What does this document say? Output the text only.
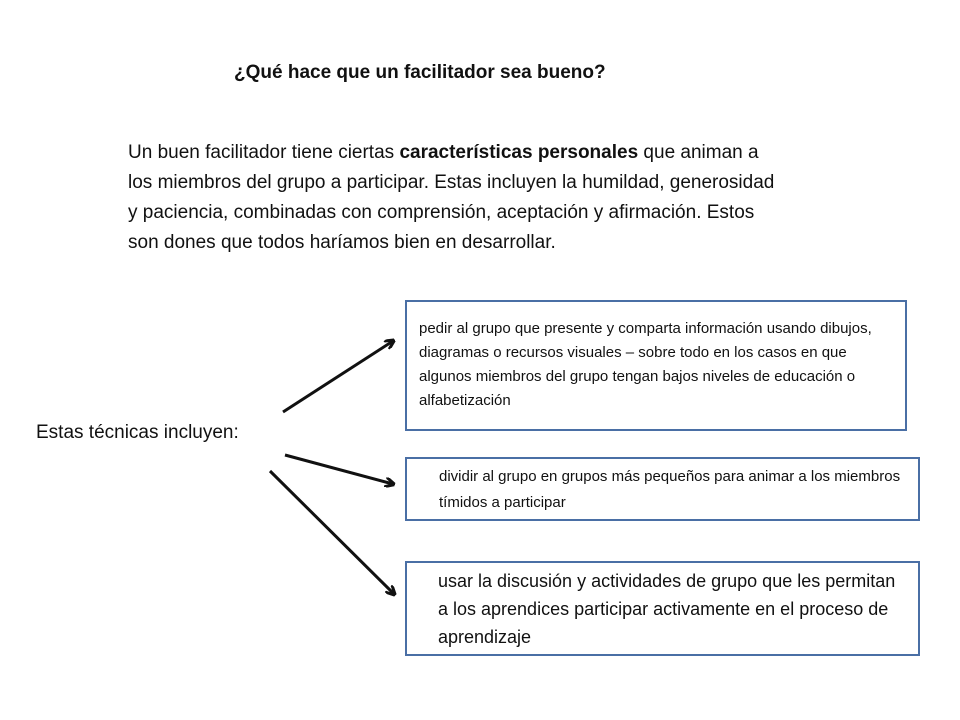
¿Qué hace que un facilitador sea bueno?
Un buen facilitador tiene ciertas características personales que animan a los miembros del grupo a participar. Estas incluyen la humildad, generosidad y paciencia, combinadas con comprensión, aceptación y afirmación. Estos son dones que todos haríamos bien en desarrollar.
Estas técnicas incluyen:
pedir al grupo que presente y comparta información usando dibujos, diagramas o recursos visuales – sobre todo en los casos en que algunos miembros del grupo tengan bajos niveles de educación o alfabetización
dividir al grupo en grupos más pequeños para animar a los miembros tímidos a participar
usar la discusión y actividades de grupo que les permitan a los aprendices participar activamente en el proceso de aprendizaje
